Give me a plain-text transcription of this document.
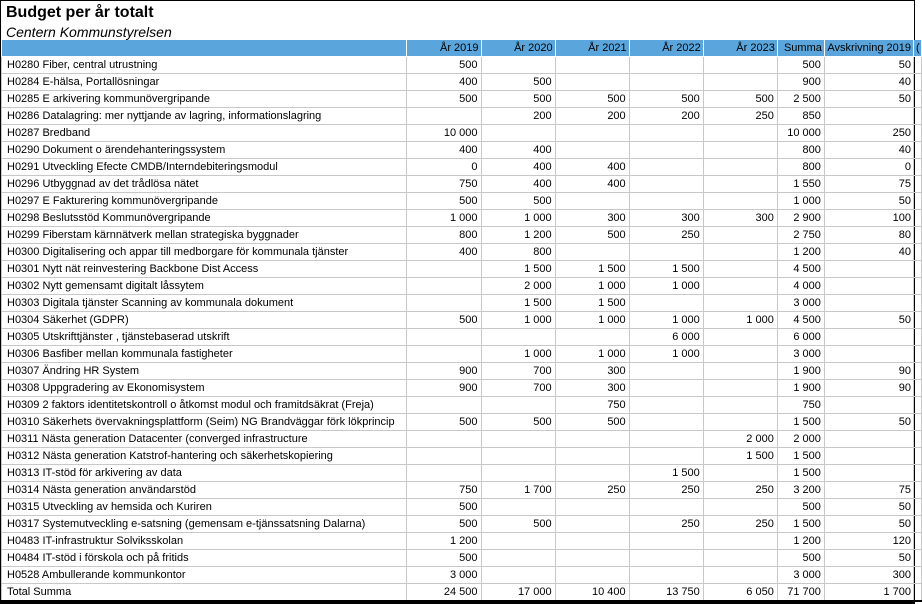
Budget per år totalt
Centern Kommunstyrelsen
	År 2019	År 2020	År 2021	År 2022	År 2023	Summa	Avskrivning 2019	(
H0280 Fiber, central utrustning	500					500	50	
H0284 E-hälsa, Portallösningar	400	500				900	40	
H0285 E arkivering kommunövergripande	500	500	500	500	500	2 500	50	
H0286 Datalagring: mer nyttjande av lagring, informationslagring		200	200	200	250	850		
H0287 Bredband	10 000					10 000	250	
H0290 Dokument o ärendehanteringssystem	400	400				800	40	
H0291 Utveckling Efecte CMDB/Interndebiteringsmodul	0	400	400			800	0	
H0296 Utbyggnad av det trådlösa nätet	750	400	400			1 550	75	
H0297 E Fakturering kommunövergripande	500	500				1 000	50	
H0298 Beslutsstöd Kommunövergripande	1 000	1 000	300	300	300	2 900	100	
H0299 Fiberstam kärnnätverk mellan strategiska byggnader	800	1 200	500	250		2 750	80	
H0300 Digitalisering och appar till medborgare för kommunala tjänster	400	800				1 200	40	
H0301 Nytt nät reinvestering Backbone Dist Access		1 500	1 500	1 500		4 500		
H0302 Nytt gemensamt digitalt låssytem		2 000	1 000	1 000		4 000		
H0303 Digitala tjänster Scanning av kommunala dokument		1 500	1 500			3 000		
H0304 Säkerhet (GDPR)	500	1 000	1 000	1 000	1 000	4 500	50	
H0305 Utskrifttjänster , tjänstebaserad utskrift				6 000		6 000		
H0306 Basfiber mellan kommunala fastigheter		1 000	1 000	1 000		3 000		
H0307 Ändring HR System	900	700	300			1 900	90	
H0308 Uppgradering av Ekonomisystem	900	700	300			1 900	90	
H0309 2 faktors identitetskontroll o åtkomst modul och framitdsäkrat (Freja)			750			750		
H0310 Säkerhets övervakningsplattform (Seim) NG Brandväggar förk lökprincip	500	500	500			1 500	50	
H0311 Nästa generation Datacenter (converged infrastructure					2 000	2 000		
H0312 Nästa generation Katstrof-hantering och säkerhetskopiering					1 500	1 500		
H0313 IT-stöd för arkivering av data				1 500		1 500		
H0314 Nästa generation användarstöd	750	1 700	250	250	250	3 200	75	
H0315 Utveckling av hemsida och Kuriren	500					500	50	
H0317 Systemutveckling e-satsning (gemensam e-tjänssatsning Dalarna)	500	500		250	250	1 500	50	
H0483 IT-infrastruktur Solviksskolan	1 200					1 200	120	
H0484 IT-stöd i förskola och på fritids	500					500	50	
H0528 Ambullerande kommunkontor	3 000					3 000	300	
Total Summa	24 500	17 000	10 400	13 750	6 050	71 700	1 700	
